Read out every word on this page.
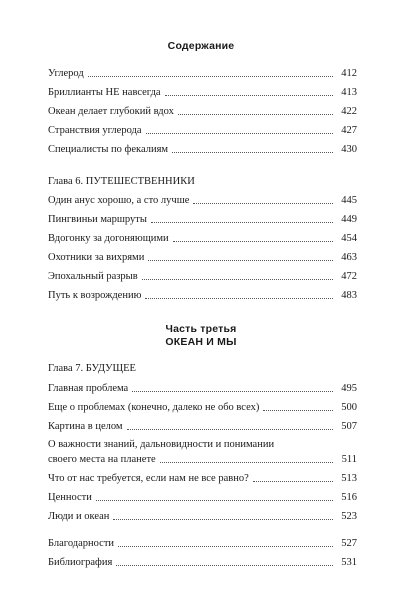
Содержание
Углерод	412
Бриллианты НЕ навсегда	413
Океан делает глубокий вдох	422
Странствия углерода	427
Специалисты по фекалиям	430
Глава 6. ПУТЕШЕСТВЕННИКИ
Один анус хорошо, а сто лучше	445
Пингвиньи маршруты	449
Вдогонку за догоняющими	454
Охотники за вихрями	463
Эпохальный разрыв	472
Путь к возрождению	483
Часть третья
ОКЕАН И МЫ
Глава 7. БУДУЩЕЕ
Главная проблема	495
Еще о проблемах (конечно, далеко не обо всех)	500
Картина в целом	507
О важности знаний, дальновидности и понимании
своего места на планете	511
Что от нас требуется, если нам не все равно?	513
Ценности	516
Люди и океан	523
Благодарности	527
Библиография	531
